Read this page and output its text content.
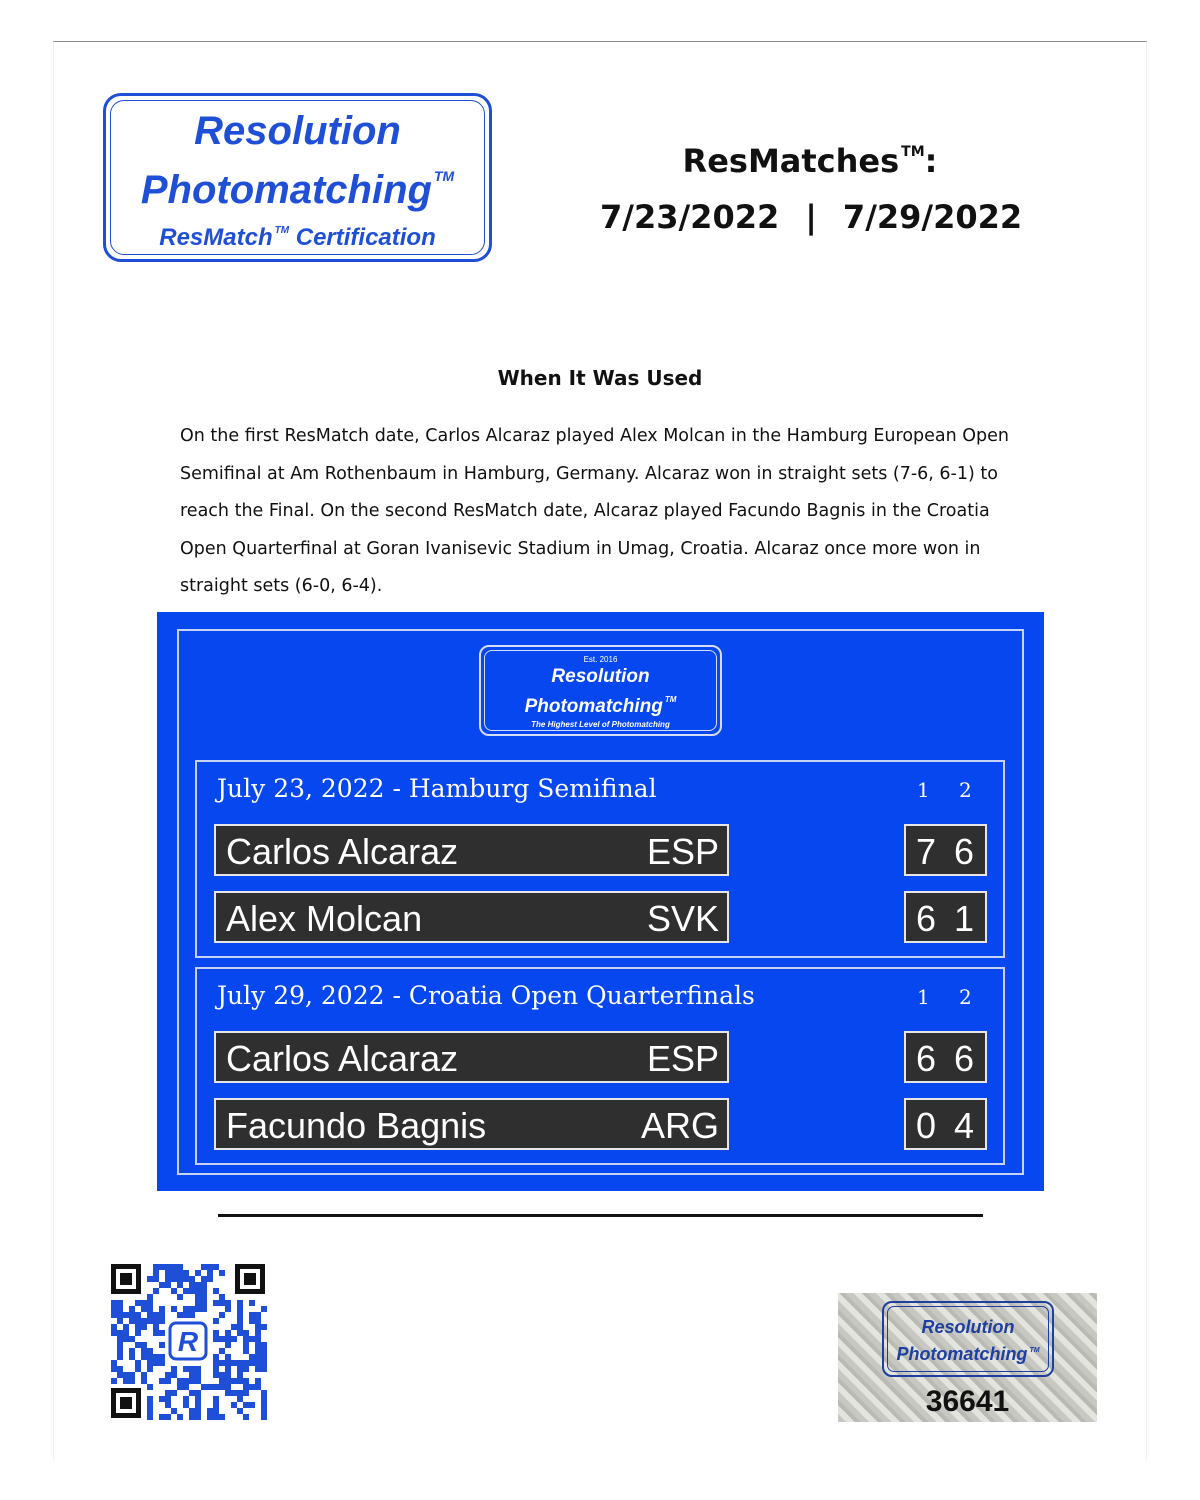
Resolution
Photomatching ™
ResMatch ™ Certification
ResMatches ™:
7/23/2022 | 7/29/2022
When It Was Used
On the first ResMatch date, Carlos Alcaraz played Alex Molcan in the Hamburg European Open Semifinal at Am Rothenbaum in Hamburg, Germany. Alcaraz won in straight sets (7-6, 6-1) to reach the Final. On the second ResMatch date, Alcaraz played Facundo Bagnis in the Croatia Open Quarterfinal at Goran Ivanisevic Stadium in Umag, Croatia. Alcaraz once more won in straight sets (6-0, 6-4).
Est. 2016
Resolution
Photomatching ™
The Highest Level of Photomatching
July 23, 2022 - Hamburg Semifinal	1 2
Carlos Alcaraz	ESP	7 6
Alex Molcan	SVK	6 1
July 29, 2022 - Croatia Open Quarterfinals	1 2
Carlos Alcaraz	ESP	6 6
Facundo Bagnis	ARG	0 4
R	Resolution
Photomatching ™
36641
